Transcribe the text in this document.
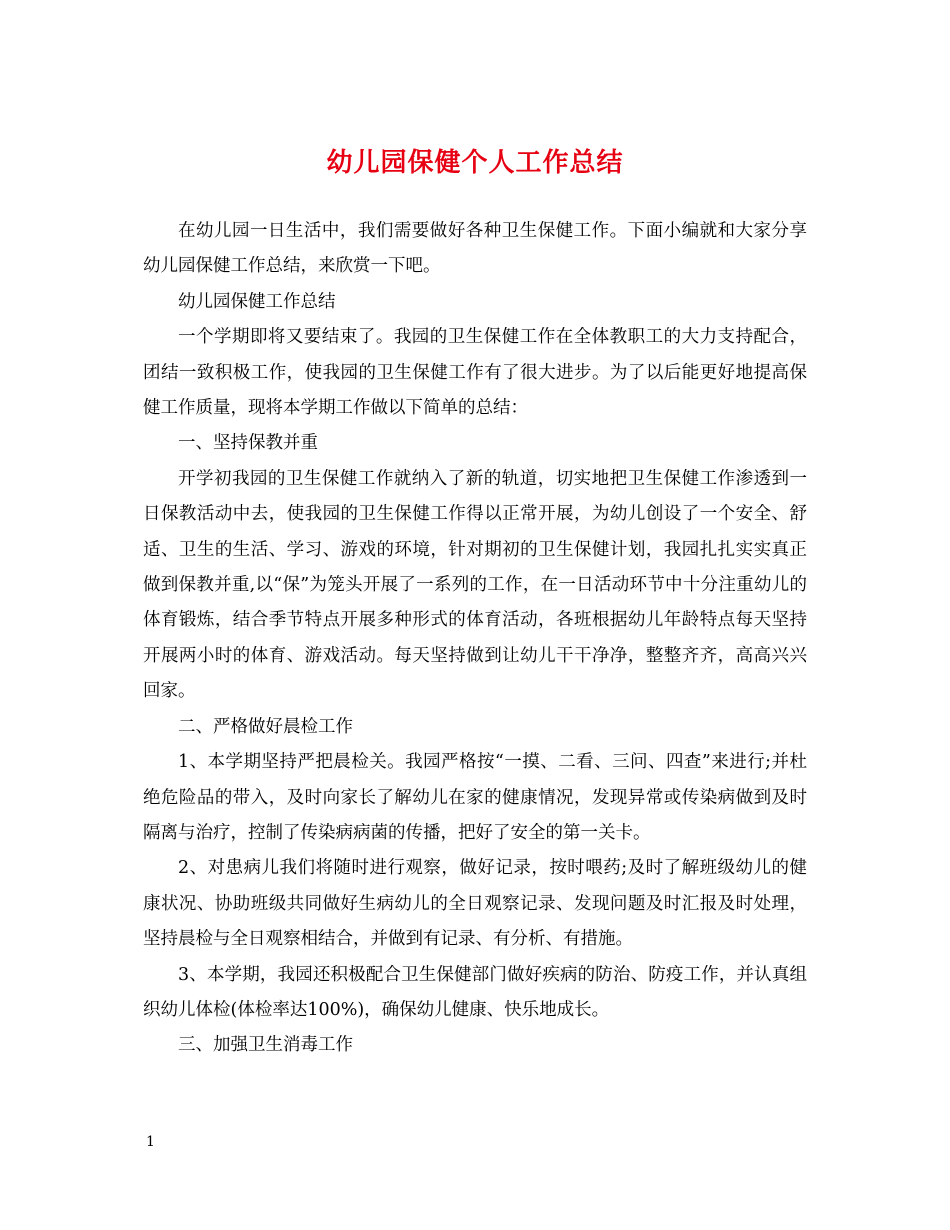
幼儿园保健个人工作总结

在幼儿园一日生活中，我们需要做好各种卫生保健工作。下面小编就和大家分享幼儿园保健工作总结，来欣赏一下吧。

幼儿园保健工作总结

一个学期即将又要结束了。我园的卫生保健工作在全体教职工的大力支持配合，团结一致积极工作，使我园的卫生保健工作有了很大进步。为了以后能更好地提高保健工作质量，现将本学期工作做以下简单的总结：

一、坚持保教并重

开学初我园的卫生保健工作就纳入了新的轨道，切实地把卫生保健工作渗透到一日保教活动中去，使我园的卫生保健工作得以正常开展，为幼儿创设了一个安全、舒适、卫生的生活、学习、游戏的环境，针对期初的卫生保健计划，我园扎扎实实真正做到保教并重,以“保”为笼头开展了一系列的工作，在一日活动环节中十分注重幼儿的体育锻炼，结合季节特点开展多种形式的体育活动，各班根据幼儿年龄特点每天坚持开展两小时的体育、游戏活动。每天坚持做到让幼儿干干净净，整整齐齐，高高兴兴回家。

二、严格做好晨检工作

1、本学期坚持严把晨检关。我园严格按“一摸、二看、三问、四查”来进行;并杜绝危险品的带入，及时向家长了解幼儿在家的健康情况，发现异常或传染病做到及时隔离与治疗，控制了传染病病菌的传播，把好了安全的第一关卡。

2、对患病儿我们将随时进行观察，做好记录，按时喂药;及时了解班级幼儿的健康状况、协助班级共同做好生病幼儿的全日观察记录、发现问题及时汇报及时处理，坚持晨检与全日观察相结合，并做到有记录、有分析、有措施。

3、本学期，我园还积极配合卫生保健部门做好疾病的防治、防疫工作，并认真组织幼儿体检(体检率达100%)，确保幼儿健康、快乐地成长。

三、加强卫生消毒工作

1
